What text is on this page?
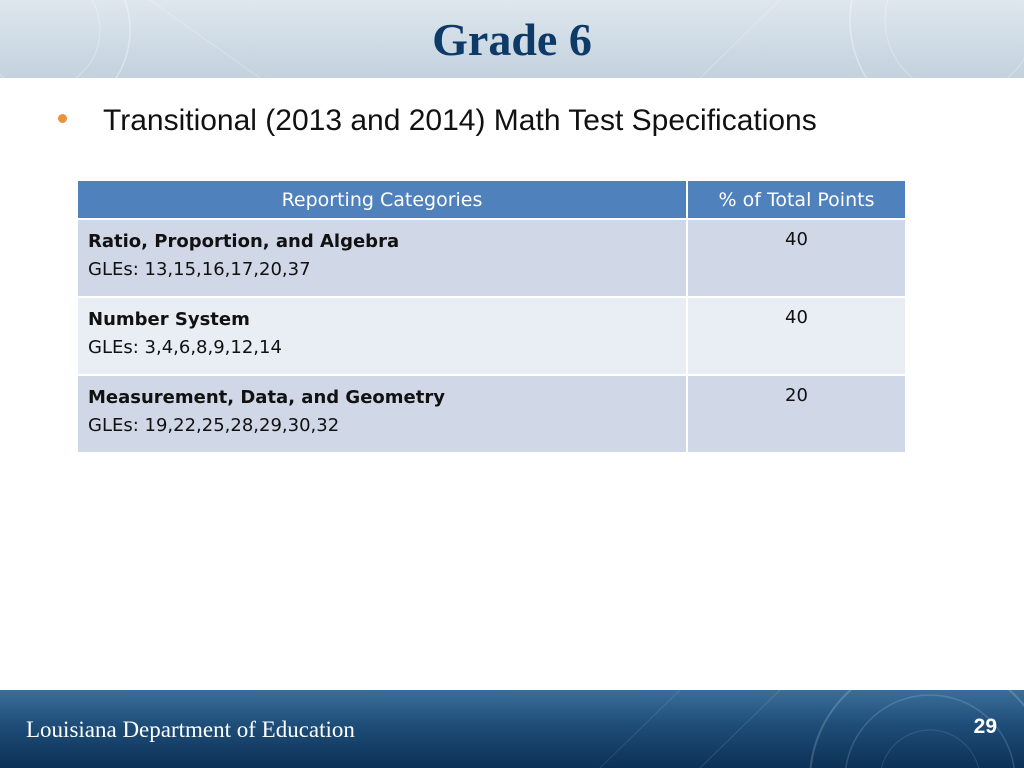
Grade 6
Transitional (2013 and 2014) Math Test Specifications
Reporting Categories	% of Total Points

Ratio, Proportion, and Algebra
GLEs: 13,15,16,17,20,37	40

Number System
GLEs: 3,4,6,8,9,12,14	40

Measurement, Data, and Geometry
GLEs: 19,22,25,28,29,30,32	20
Louisiana Department of Education	29
